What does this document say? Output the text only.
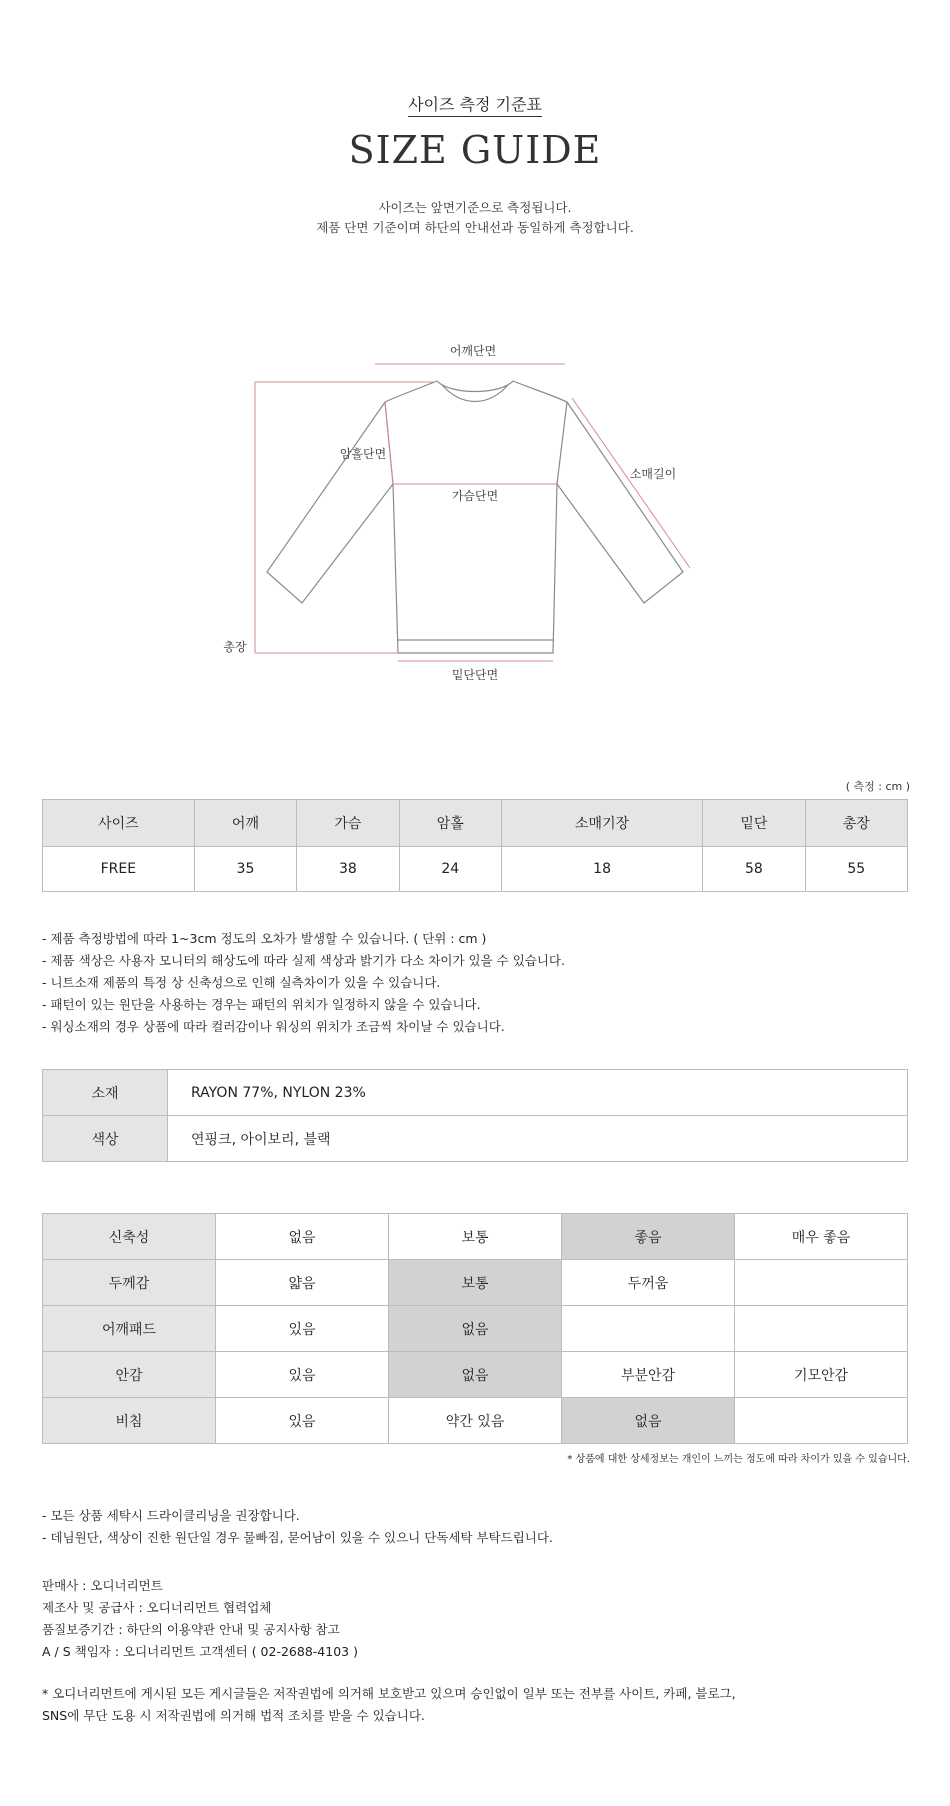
사이즈 측정 기준표
SIZE GUIDE
사이즈는 앞면기준으로 측정됩니다.
제품 단면 기준이며 하단의 안내선과 동일하게 측정합니다.
어깨단면
암홀단면
소매길이
가슴단면
총장
밑단단면
( 측정 : cm )
사이즈	어깨	가슴	암홀	소매기장	밑단	총장
FREE	35	38	24	18	58	55
- 제품 측정방법에 따라 1~3cm 정도의 오차가 발생할 수 있습니다. ( 단위 : cm )
- 제품 색상은 사용자 모니터의 해상도에 따라 실제 색상과 밝기가 다소 차이가 있을 수 있습니다.
- 니트소재 제품의 특정 상 신축성으로 인해 실측차이가 있을 수 있습니다.
- 패턴이 있는 원단을 사용하는 경우는 패턴의 위치가 일정하지 않을 수 있습니다.
- 워싱소재의 경우 상품에 따라 컬러감이나 워싱의 위치가 조금씩 차이날 수 있습니다.
소재	RAYON 77%, NYLON 23%
색상	연핑크, 아이보리, 블랙
신축성	없음	보통	좋음	매우 좋음
두께감	얇음	보통	두꺼움	
어깨패드	있음	없음		
안감	있음	없음	부분안감	기모안감
비침	있음	약간 있음	없음	
* 상품에 대한 상세정보는 개인이 느끼는 정도에 따라 차이가 있을 수 있습니다.
- 모든 상품 세탁시 드라이클리닝을 권장합니다.
- 데님원단, 색상이 진한 원단일 경우 물빠짐, 묻어남이 있을 수 있으니 단독세탁 부탁드립니다.
판매사 : 오디너리먼트
제조사 및 공급사 : 오디너리먼트 협력업체
품질보증기간 : 하단의 이용약관 안내 및 공지사항 참고
A / S 책임자 : 오디너리먼트 고객센터 ( 02-2688-4103 )
* 오디너리먼트에 게시된 모든 게시글들은 저작권법에 의거해 보호받고 있으며 승인없이 일부 또는 전부를 사이트, 카페, 블로그,
SNS에 무단 도용 시 저작권법에 의거해 법적 조치를 받을 수 있습니다.
